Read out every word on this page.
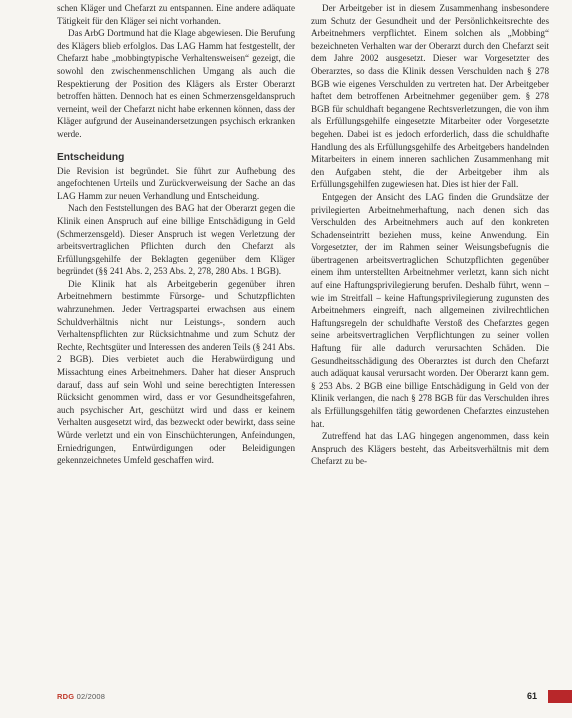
schen Kläger und Chefarzt zu entspannen. Eine andere adäquate Tätigkeit für den Kläger sei nicht vorhanden.

Das ArbG Dortmund hat die Klage abgewiesen. Die Berufung des Klägers blieb erfolglos. Das LAG Hamm hat festgestellt, der Chefarzt habe „mobbingtypische Verhaltensweisen“ gezeigt, die sowohl den zwischenmenschlichen Umgang als auch die Respektierung der Position des Klägers als Erster Oberarzt betroffen hätten. Dennoch hat es einen Schmerzensgeldanspruch verneint, weil der Chefarzt nicht habe erkennen können, dass der Kläger aufgrund der Auseinandersetzungen psychisch erkranken werde.

Entscheidung

Die Revision ist begründet. Sie führt zur Aufhebung des angefochtenen Urteils und Zurückverweisung der Sache an das LAG Hamm zur neuen Verhandlung und Entscheidung.

Nach den Feststellungen des BAG hat der Oberarzt gegen die Klinik einen Anspruch auf eine billige Entschädigung in Geld (Schmerzensgeld). Dieser Anspruch ist wegen Verletzung der arbeitsvertraglichen Pflichten durch den Chefarzt als Erfüllungsgehilfe der Beklagten gegenüber dem Kläger begründet (§§ 241 Abs. 2, 253 Abs. 2, 278, 280 Abs. 1 BGB).

Die Klinik hat als Arbeitgeberin gegenüber ihren Arbeitnehmern bestimmte Fürsorge- und Schutzpflichten wahrzunehmen. Jeder Vertragspartei erwachsen aus einem Schuldverhältnis nicht nur Leistungs-, sondern auch Verhaltenspflichten zur Rücksichtnahme und zum Schutz der Rechte, Rechtsgüter und Interessen des anderen Teils (§ 241 Abs. 2 BGB). Dies verbietet auch die Herabwürdigung und Missachtung eines Arbeitnehmers. Daher hat dieser Anspruch darauf, dass auf sein Wohl und seine berechtigten Interessen Rücksicht genommen wird, dass er vor Gesundheitsgefahren, auch psychischer Art, geschützt wird und dass er keinem Verhalten ausgesetzt wird, das bezweckt oder bewirkt, dass seine Würde verletzt und ein von Einschüchterungen, Anfeindungen, Erniedrigungen, Entwürdigungen oder Beleidigungen gekennzeichnetes Umfeld geschaffen wird.

Der Arbeitgeber ist in diesem Zusammenhang insbesondere zum Schutz der Gesundheit und der Persönlichkeitsrechte des Arbeitnehmers verpflichtet. Einem solchen als „Mobbing“ bezeichneten Verhalten war der Oberarzt durch den Chefarzt seit dem Jahre 2002 ausgesetzt. Dieser war Vorgesetzter des Oberarztes, so dass die Klinik dessen Verschulden nach § 278 BGB wie eigenes Verschulden zu vertreten hat. Der Arbeitgeber haftet dem betroffenen Arbeitnehmer gegenüber gem. § 278 BGB für schuldhaft begangene Rechtsverletzungen, die von ihm als Erfüllungsgehilfe eingesetzte Mitarbeiter oder Vorgesetzte begehen. Dabei ist es jedoch erforderlich, dass die schuldhafte Handlung des als Erfüllungsgehilfe des Arbeitgebers handelnden Mitarbeiters in einem inneren sachlichen Zusammenhang mit den Aufgaben steht, die der Arbeitgeber ihm als Erfüllungsgehilfen zugewiesen hat. Dies ist hier der Fall.

Entgegen der Ansicht des LAG finden die Grundsätze der privilegierten Arbeitnehmerhaftung, nach denen sich das Verschulden des Arbeitnehmers auch auf den konkreten Schadenseintritt beziehen muss, keine Anwendung. Ein Vorgesetzter, der im Rahmen seiner Weisungsbefugnis die übertragenen arbeitsvertraglichen Schutzpflichten gegenüber einem ihm unterstellten Arbeitnehmer verletzt, kann sich nicht auf eine Haftungsprivilegierung berufen. Deshalb führt, wenn – wie im Streitfall – keine Haftungsprivilegierung zugunsten des Arbeitnehmers eingreift, nach allgemeinen zivilrechtlichen Haftungsregeln der schuldhafte Verstoß des Chefarztes gegen seine arbeitsvertraglichen Verpflichtungen zu seiner vollen Haftung für alle dadurch verursachten Schäden. Die Gesundheitsschädigung des Oberarztes ist durch den Chefarzt auch adäquat kausal verursacht worden. Der Oberarzt kann gem. § 253 Abs. 2 BGB eine billige Entschädigung in Geld von der Klinik verlangen, die nach § 278 BGB für das Verschulden ihres als Erfüllungsgehilfen tätig gewordenen Chefarztes einzustehen hat.

Zutreffend hat das LAG hingegen angenommen, dass kein Anspruch des Klägers besteht, das Arbeitsverhältnis mit dem Chefarzt zu be-

RDG 02/2008	61
